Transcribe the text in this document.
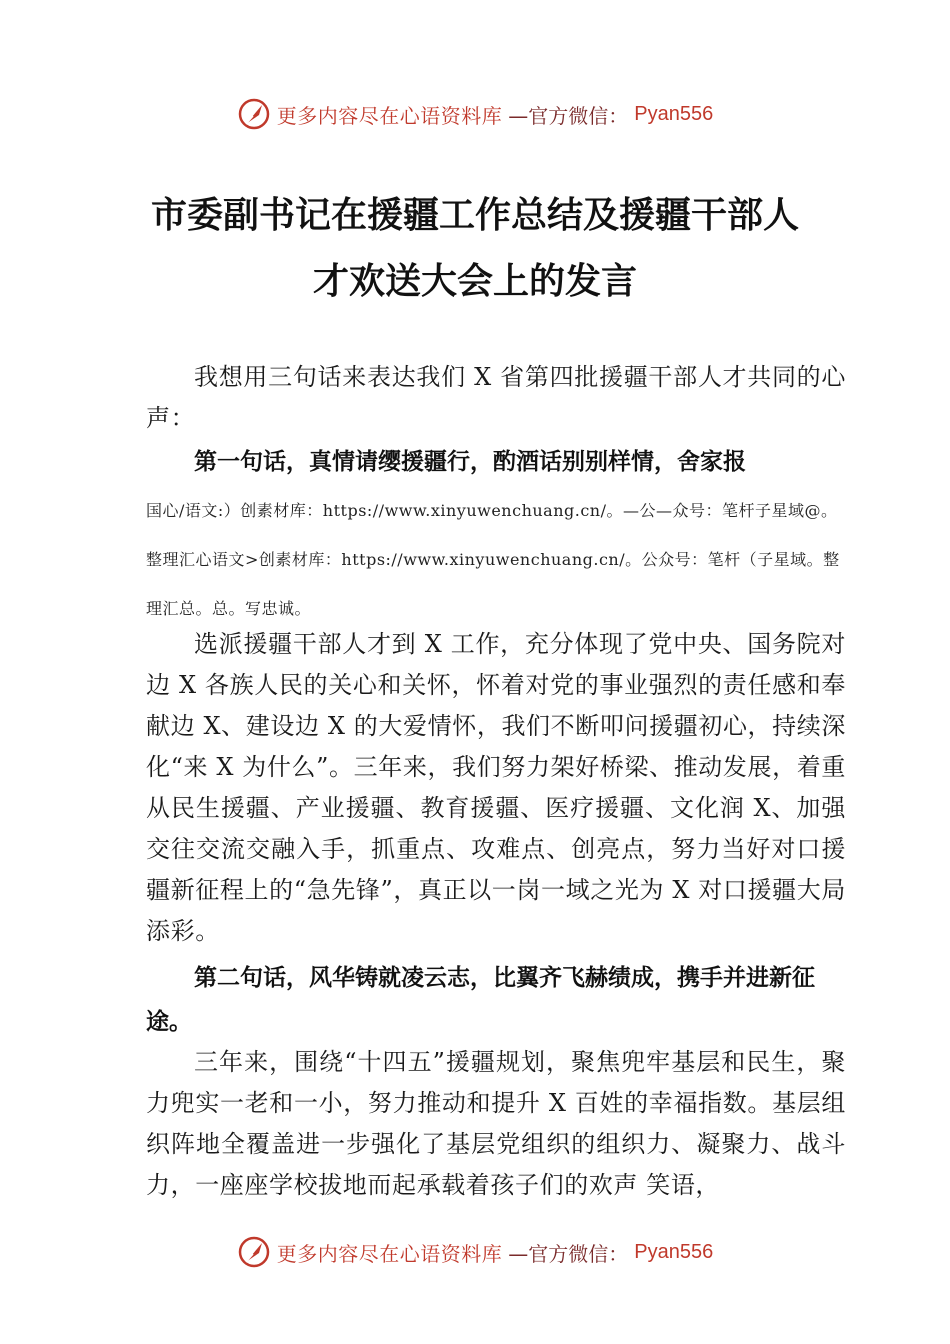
更多内容尽在心语资料库 —官方微信： Pyan556
市委副书记在援疆工作总结及援疆干部人
才欢送大会上的发言
我想用三句话来表达我们 X 省第四批援疆干部人才共同的心声：
第一句话，真情请缨援疆行，酌酒话别别样情，舍家报
国心/语文:）创素材库：https://www.xinyuwenchuang.cn/。—公—众号：笔杆子星域@。整理汇心语文>创素材库：https://www.xinyuwenchuang.cn/。公众号：笔杆（子星域。整理汇总。总。写忠诚。
选派援疆干部人才到 X 工作，充分体现了党中央、国务院对边 X 各族人民的关心和关怀，怀着对党的事业强烈的责任感和奉献边 X、建设边 X 的大爱情怀，我们不断叩问援疆初心，持续深化“来 X 为什么”。三年来，我们努力架好桥梁、推动发展，着重从民生援疆、产业援疆、教育援疆、医疗援疆、文化润 X、加强交往交流交融入手，抓重点、攻难点、创亮点，努力当好对口援疆新征程上的“急先锋”，真正以一岗一域之光为 X 对口援疆大局添彩。
第二句话，风华铸就凌云志，比翼齐飞赫绩成，携手并进新征途。
三年来，围绕“十四五”援疆规划，聚焦兜牢基层和民生，聚力兜实一老和一小，努力推动和提升 X 百姓的幸福指数。基层组织阵地全覆盖进一步强化了基层党组织的组织力、凝聚力、战斗力，一座座学校拔地而起承载着孩子们的欢声 笑语，
更多内容尽在心语资料库 —官方微信： Pyan556
